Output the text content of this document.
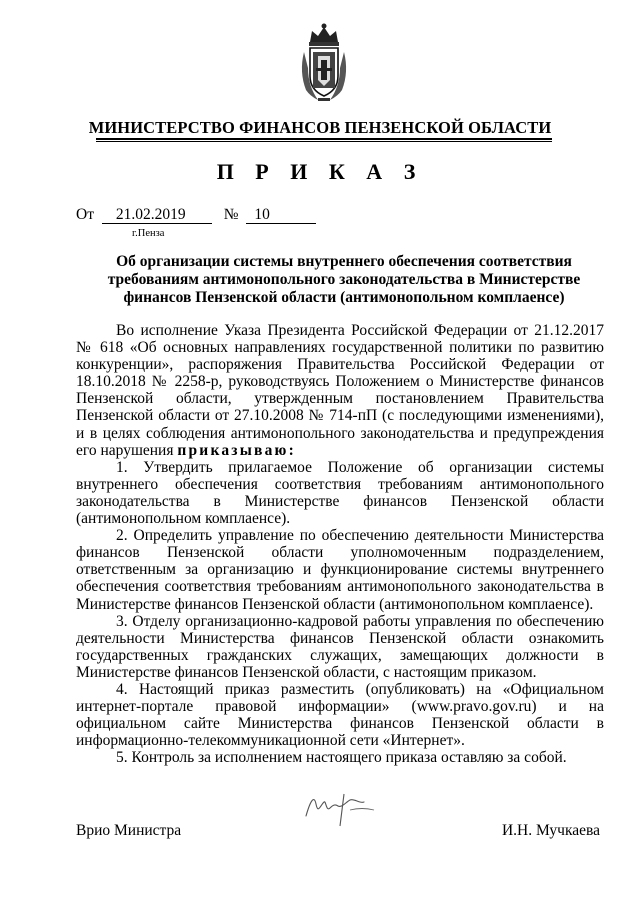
МИНИСТЕРСТВО ФИНАНСОВ ПЕНЗЕНСКОЙ ОБЛАСТИ
П Р И К А З
От 21.02.2019 № 10
г.Пенза
Об организации системы внутреннего обеспечения соответствия требованиям антимонопольного законодательства в Министерстве финансов Пензенской области (антимонопольном комплаенсе)

Во исполнение Указа Президента Российской Федерации от 21.12.2017 № 618 «Об основных направлениях государственной политики по развитию конкуренции», распоряжения Правительства Российской Федерации от 18.10.2018 № 2258-р, руководствуясь Положением о Министерстве финансов Пензенской области, утвержденным постановлением Правительства Пензенской области от 27.10.2008 № 714-пП (с последующими изменениями), и в целях соблюдения антимонопольного законодательства и предупреждения его нарушения приказываю:

1. Утвердить прилагаемое Положение об организации системы внутреннего обеспечения соответствия требованиям антимонопольного законодательства в Министерстве финансов Пензенской области (антимонопольном комплаенсе).

2. Определить управление по обеспечению деятельности Министерства финансов Пензенской области уполномоченным подразделением, ответственным за организацию и функционирование системы внутреннего обеспечения соответствия требованиям антимонопольного законодательства в Министерстве финансов Пензенской области (антимонопольном комплаенсе).

3. Отделу организационно-кадровой работы управления по обеспечению деятельности Министерства финансов Пензенской области ознакомить государственных гражданских служащих, замещающих должности в Министерстве финансов Пензенской области, с настоящим приказом.

4. Настоящий приказ разместить (опубликовать) на «Официальном интернет-портале правовой информации» (www.pravo.gov.ru) и на официальном сайте Министерства финансов Пензенской области в информационно-телекоммуникационной сети «Интернет».

5. Контроль за исполнением настоящего приказа оставляю за собой.

Врио Министра	И.Н. Мучкаева
